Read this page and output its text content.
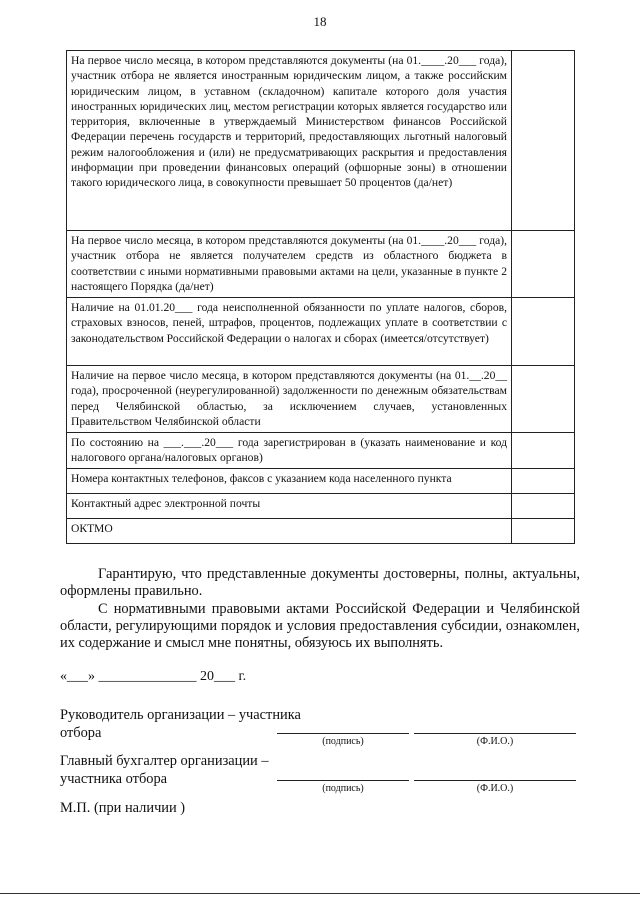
18
На первое число месяца, в котором представляются документы (на 01.____.20___ года), участник отбора не является иностранным юридическим лицом, а также российским юридическим лицом, в уставном (складочном) капитале которого доля участия иностранных юридических лиц, местом регистрации которых является государство или территория, включенные в утверждаемый Министерством финансов Российской Федерации перечень государств и территорий, предоставляющих льготный налоговый режим налогообложения и (или) не предусматривающих раскрытия и предоставления информации при проведении финансовых операций (офшорные зоны) в отношении такого юридического лица, в совокупности превышает 50 процентов (да/нет)	
На первое число месяца, в котором представляются документы (на 01.____.20___ года), участник отбора не является получателем средств из областного бюджета в соответствии с иными нормативными правовыми актами на цели, указанные в пункте 2 настоящего Порядка (да/нет)	
Наличие на 01.01.20___ года неисполненной обязанности по уплате налогов, сборов, страховых взносов, пеней, штрафов, процентов, подлежащих уплате в соответствии с законодательством Российской Федерации о налогах и сборах (имеется/отсутствует)	
Наличие на первое число месяца, в котором представляются документы (на 01.__.20__ года), просроченной (неурегулированной) задолженности по денежным обязательствам перед Челябинской областью, за исключением случаев, установленных Правительством Челябинской области	
По состоянию на ___.___.20___ года зарегистрирован в (указать наименование и код налогового органа/налоговых органов)	
Номера контактных телефонов, факсов с указанием кода населенного пункта	
Контактный адрес электронной почты	
ОКТМО	
Гарантирую, что представленные документы достоверны, полны, актуальны, оформлены правильно.
С нормативными правовыми актами Российской Федерации и Челябинской области, регулирующими порядок и условия предоставления субсидии, ознакомлен, их содержание и смысл мне понятны, обязуюсь их выполнять.
«___» ______________ 20___ г.
Руководитель организации – участника отбора
(подпись)	(Ф.И.О.)
Главный бухгалтер организации – участника отбора
(подпись)	(Ф.И.О.)
М.П. (при наличии )
